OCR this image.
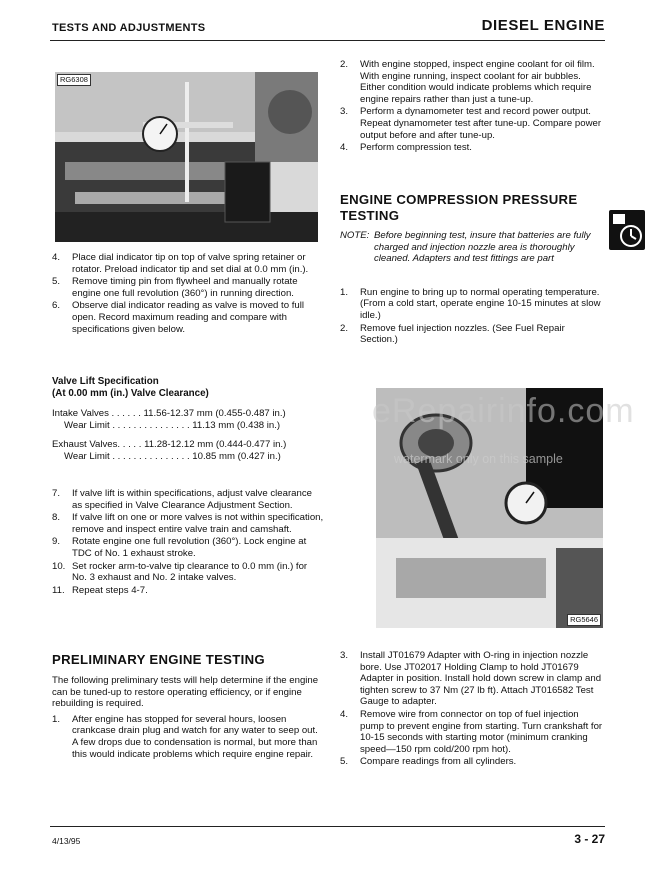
TESTS AND ADJUSTMENTS	DIESEL ENGINE
RG6308
4. Place dial indicator tip on top of valve spring retainer or rotator. Preload indicator tip and set dial at 0.0 mm (in.).
5. Remove timing pin from flywheel and manually rotate engine one full revolution (360°) in running direction.
6. Observe dial indicator reading as valve is moved to full open. Record maximum reading and compare with specifications given below.
Valve Lift Specification
(At 0.00 mm (in.) Valve Clearance)
Intake Valves . . . . . . 11.56-12.37 mm (0.455-0.487 in.)
Wear Limit . . . . . . . . . . . . . . . 11.13 mm (0.438 in.)
Exhaust Valves. . . . . 11.28-12.12 mm (0.444-0.477 in.)
Wear Limit . . . . . . . . . . . . . . . 10.85 mm (0.427 in.)
7. If valve lift is within specifications, adjust valve clearance as specified in Valve Clearance Adjustment Section.
8. If valve lift on one or more valves is not within specification, remove and inspect entire valve train and camshaft.
9. Rotate engine one full revolution (360°). Lock engine at TDC of No. 1 exhaust stroke.
10. Set rocker arm-to-valve tip clearance to 0.0 mm (in.) for No. 3 exhaust and No. 2 intake valves.
11. Repeat steps 4-7.
PRELIMINARY ENGINE TESTING
The following preliminary tests will help determine if the engine can be tuned-up to restore operating efficiency, or if engine rebuilding is required.
1. After engine has stopped for several hours, loosen crankcase drain plug and watch for any water to seep out. A few drops due to condensation is normal, but more than this would indicate problems which require engine repair.
2. With engine stopped, inspect engine coolant for oil film. With engine running, inspect coolant for air bubbles. Either condition would indicate problems which require engine repairs rather than just a tune-up.
3. Perform a dynamometer test and record power output. Repeat dynamometer test after tune-up. Compare power output before and after tune-up.
4. Perform compression test.
ENGINE COMPRESSION PRESSURE
TESTING
NOTE: Before beginning test, insure that batteries are fully charged and injection nozzle area is thoroughly cleaned. Adapters and test fittings are part
1. Run engine to bring up to normal operating temperature. (From a cold start, operate engine 10-15 minutes at slow idle.)
2. Remove fuel injection nozzles. (See Fuel Repair Section.)
RG5646
eRepairinfo.com
watermark only on this sample
3. Install JT01679 Adapter with O-ring in injection nozzle bore. Use JT02017 Holding Clamp to hold JT01679 Adapter in position. Install hold down screw in clamp and tighten screw to 37 Nm (27 lb ft). Attach JT016582 Test Gauge to adapter.
4. Remove wire from connector on top of fuel injection pump to prevent engine from starting. Turn crankshaft for 10-15 seconds with starting motor (minimum cranking speed—150 rpm cold/200 rpm hot).
5. Compare readings from all cylinders.
4/13/95	3 - 27
